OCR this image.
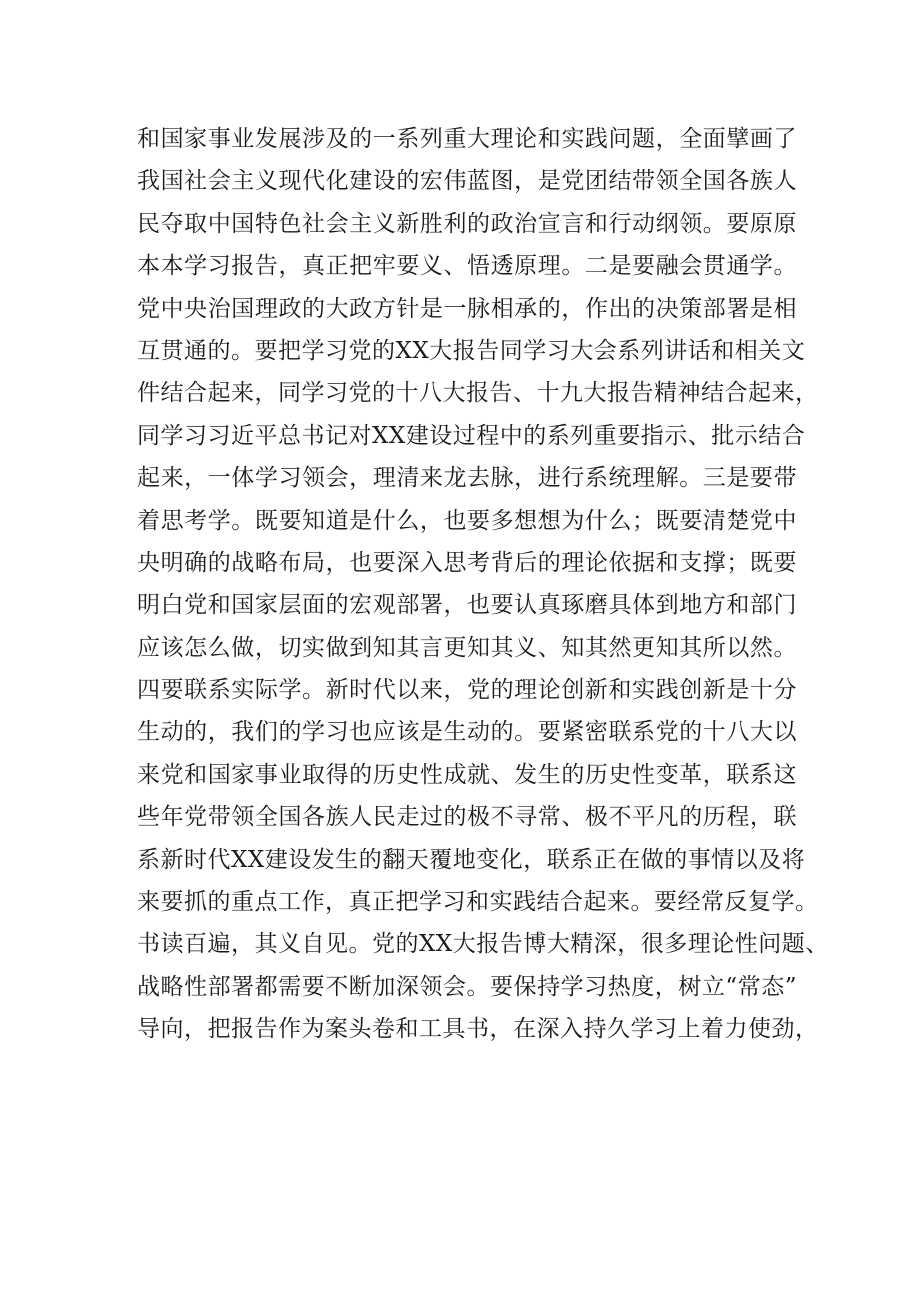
和国家事业发展涉及的一系列重大理论和实践问题，全面擘画了
我国社会主义现代化建设的宏伟蓝图，是党团结带领全国各族人
民夺取中国特色社会主义新胜利的政治宣言和行动纲领。要原原
本本学习报告，真正把牢要义、悟透原理。二是要融会贯通学。
党中央治国理政的大政方针是一脉相承的，作出的决策部署是相
互贯通的。要把学习党的XX大报告同学习大会系列讲话和相关文
件结合起来，同学习党的十八大报告、十九大报告精神结合起来，
同学习习近平总书记对XX建设过程中的系列重要指示、批示结合
起来，一体学习领会，理清来龙去脉，进行系统理解。三是要带
着思考学。既要知道是什么，也要多想想为什么；既要清楚党中
央明确的战略布局，也要深入思考背后的理论依据和支撑；既要
明白党和国家层面的宏观部署，也要认真琢磨具体到地方和部门
应该怎么做，切实做到知其言更知其义、知其然更知其所以然。
四要联系实际学。新时代以来，党的理论创新和实践创新是十分
生动的，我们的学习也应该是生动的。要紧密联系党的十八大以
来党和国家事业取得的历史性成就、发生的历史性变革，联系这
些年党带领全国各族人民走过的极不寻常、极不平凡的历程，联
系新时代XX建设发生的翻天覆地变化，联系正在做的事情以及将
来要抓的重点工作，真正把学习和实践结合起来。要经常反复学。
书读百遍，其义自见。党的XX大报告博大精深，很多理论性问题、
战略性部署都需要不断加深领会。要保持学习热度，树立“常态”
导向，把报告作为案头卷和工具书，在深入持久学习上着力使劲，
